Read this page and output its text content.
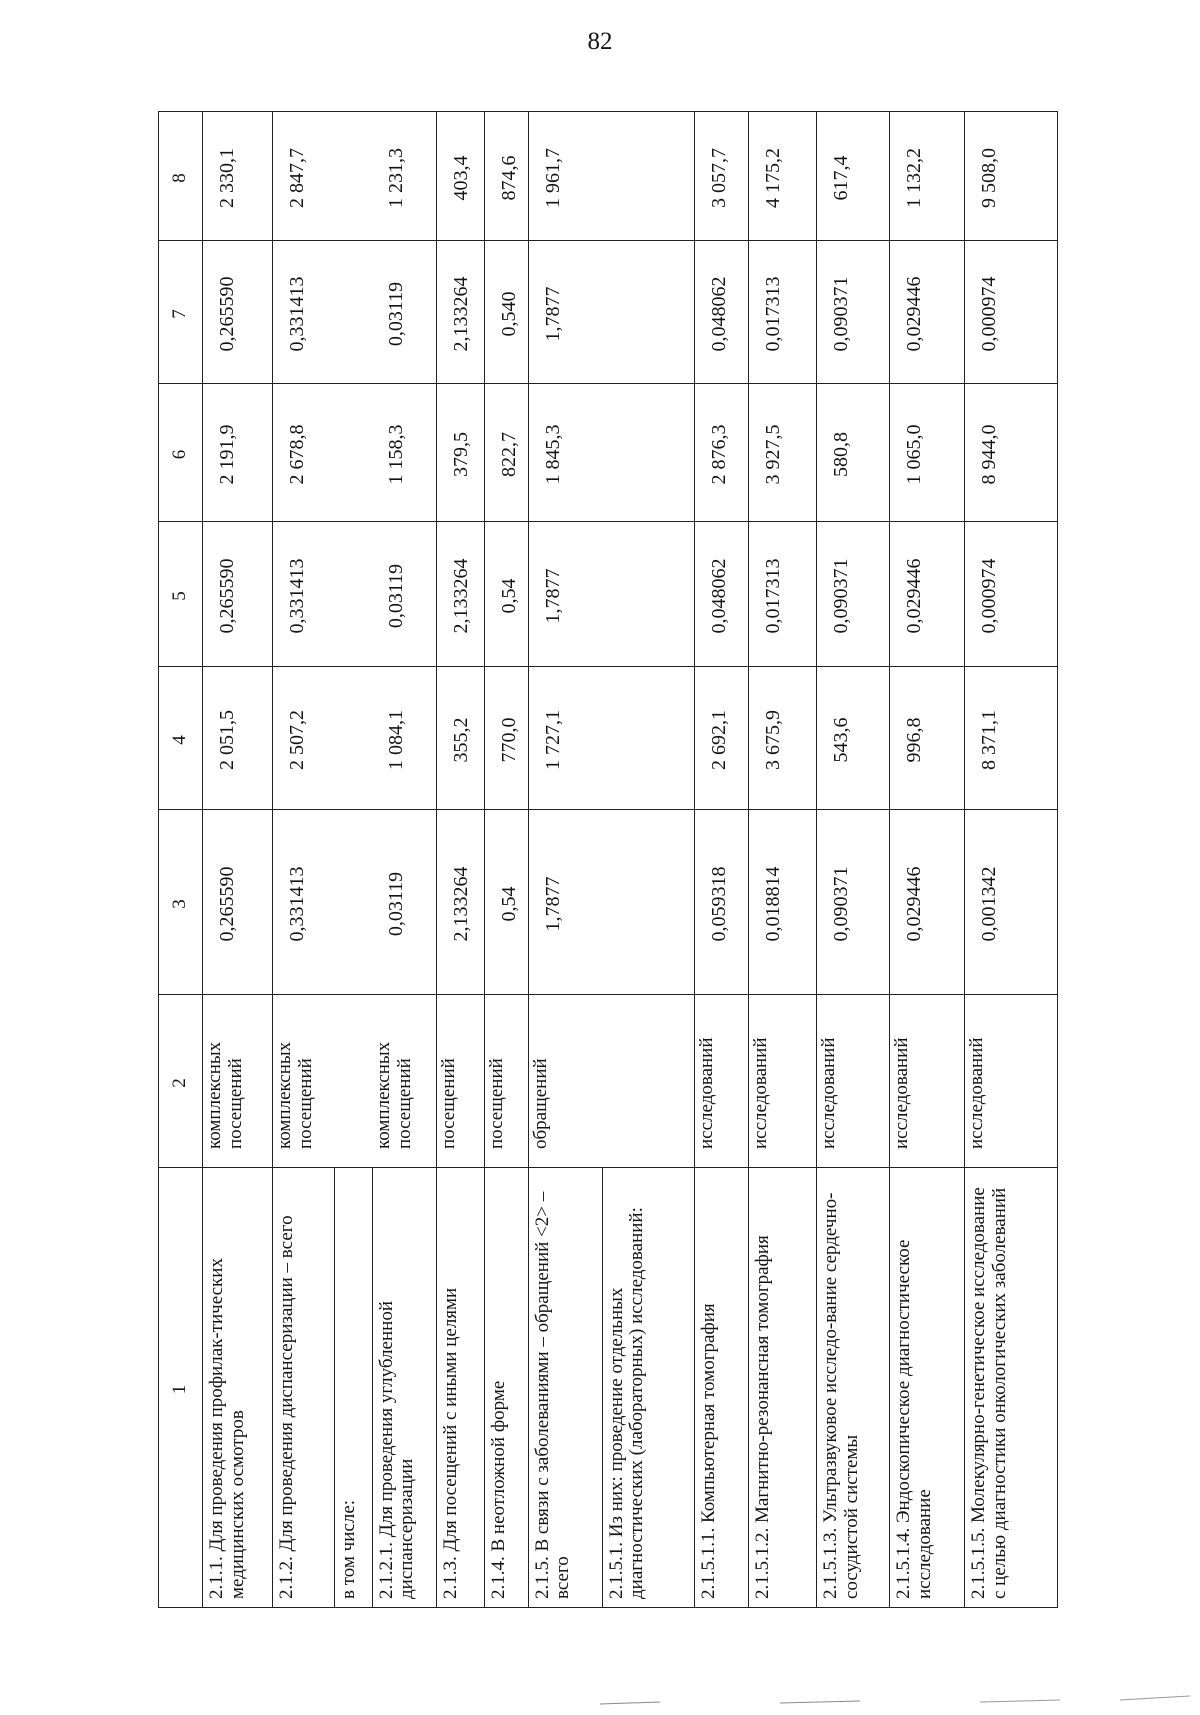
82
1	2	3	4	5	6	7	8
2.1.1. Для проведения профилак-тических медицинских осмотров	комплексных посещений	0,265590	2 051,5	0,265590	2 191,9	0,265590	2 330,1
2.1.2. Для проведения диспансеризации – всего	комплексных посещений	0,331413	2 507,2	0,331413	2 678,8	0,331413	2 847,7
в том числе:							
2.1.2.1. Для проведения углубленной диспансеризации	комплексных посещений	0,03119	1 084,1	0,03119	1 158,3	0,03119	1 231,3
2.1.3. Для посещений с иными целями	посещений	2,133264	355,2	2,133264	379,5	2,133264	403,4
2.1.4. В неотложной форме	посещений	0,54	770,0	0,54	822,7	0,540	874,6
2.1.5. В связи с заболеваниями – обращений <2> – всего	обращений	1,7877	1 727,1	1,7877	1 845,3	1,7877	1 961,7
2.1.5.1. Из них: проведение отдельных диагностических (лабораторных) исследований:							
2.1.5.1.1. Компьютерная томография	исследований	0,059318	2 692,1	0,048062	2 876,3	0,048062	3 057,7
2.1.5.1.2. Магнитно-резонансная томография	исследований	0,018814	3 675,9	0,017313	3 927,5	0,017313	4 175,2
2.1.5.1.3. Ультразвуковое исследо-вание сердечно-сосудистой системы	исследований	0,090371	543,6	0,090371	580,8	0,090371	617,4
2.1.5.1.4. Эндоскопическое диагностическое исследование	исследований	0,029446	996,8	0,029446	1 065,0	0,029446	1 132,2
2.1.5.1.5. Молекулярно-генетическое исследование с целью диагностики онкологических заболеваний	исследований	0,001342	8 371,1	0,000974	8 944,0	0,000974	9 508,0
